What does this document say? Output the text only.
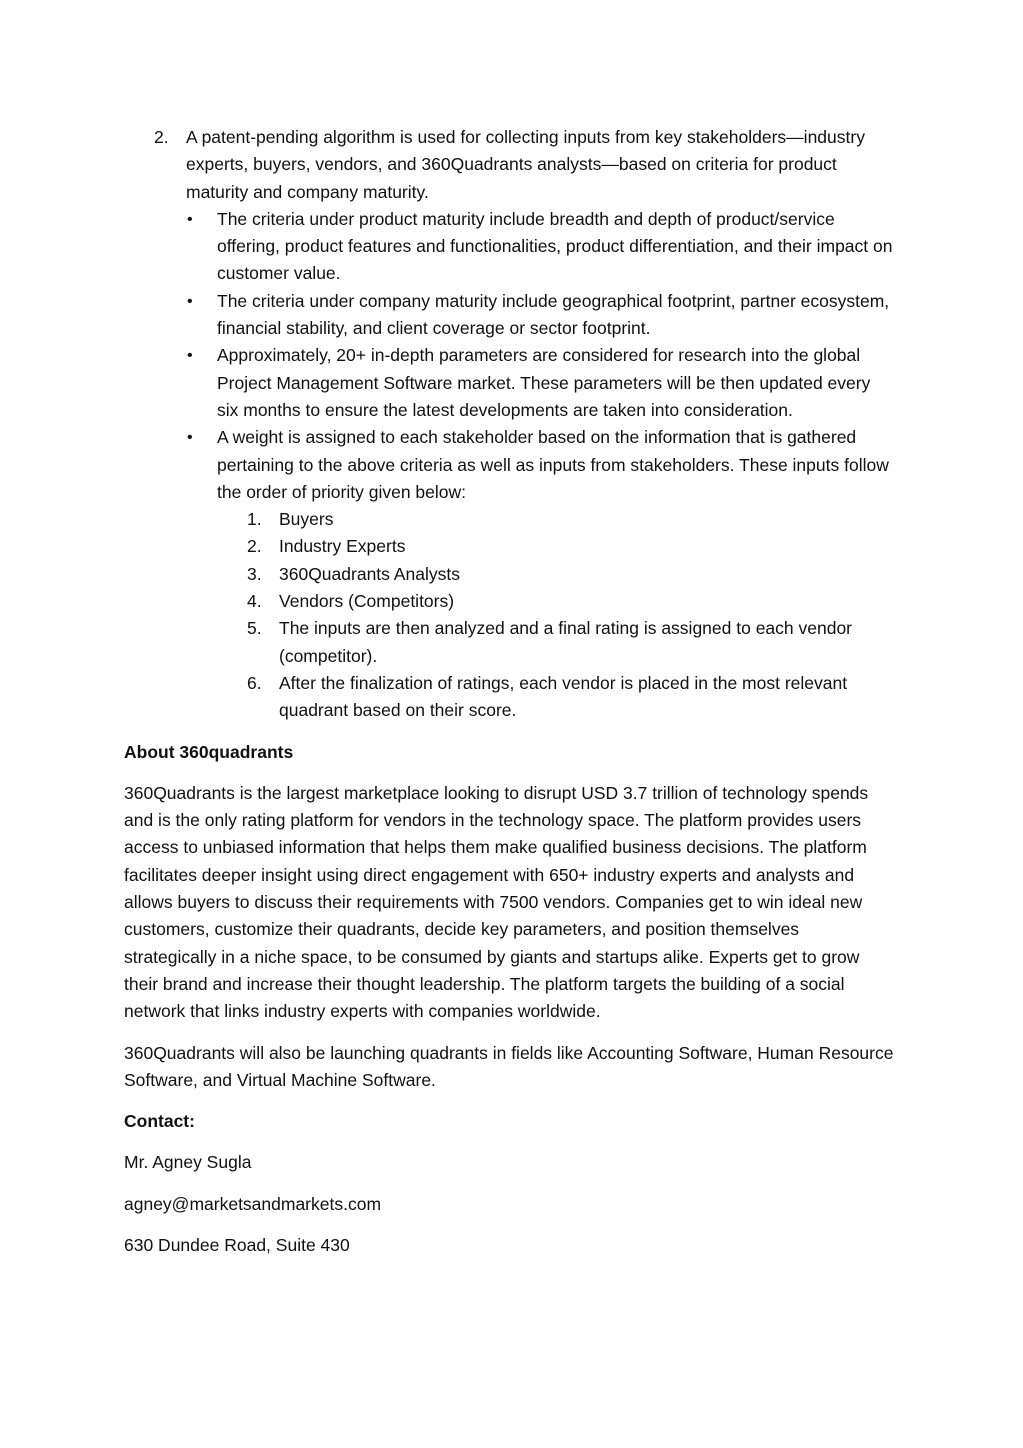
2. A patent-pending algorithm is used for collecting inputs from key stakeholders—industry experts, buyers, vendors, and 360Quadrants analysts—based on criteria for product maturity and company maturity.
• The criteria under product maturity include breadth and depth of product/service offering, product features and functionalities, product differentiation, and their impact on customer value.
• The criteria under company maturity include geographical footprint, partner ecosystem, financial stability, and client coverage or sector footprint.
• Approximately, 20+ in-depth parameters are considered for research into the global Project Management Software market. These parameters will be then updated every six months to ensure the latest developments are taken into consideration.
• A weight is assigned to each stakeholder based on the information that is gathered pertaining to the above criteria as well as inputs from stakeholders. These inputs follow the order of priority given below:
1. Buyers
2. Industry Experts
3. 360Quadrants Analysts
4. Vendors (Competitors)
5. The inputs are then analyzed and a final rating is assigned to each vendor (competitor).
6. After the finalization of ratings, each vendor is placed in the most relevant quadrant based on their score.
About 360quadrants

360Quadrants is the largest marketplace looking to disrupt USD 3.7 trillion of technology spends and is the only rating platform for vendors in the technology space. The platform provides users access to unbiased information that helps them make qualified business decisions. The platform facilitates deeper insight using direct engagement with 650+ industry experts and analysts and allows buyers to discuss their requirements with 7500 vendors. Companies get to win ideal new customers, customize their quadrants, decide key parameters, and position themselves strategically in a niche space, to be consumed by giants and startups alike. Experts get to grow their brand and increase their thought leadership. The platform targets the building of a social network that links industry experts with companies worldwide.

360Quadrants will also be launching quadrants in fields like Accounting Software, Human Resource Software, and Virtual Machine Software.

Contact:
Mr. Agney Sugla
agney@marketsandmarkets.com
630 Dundee Road, Suite 430
